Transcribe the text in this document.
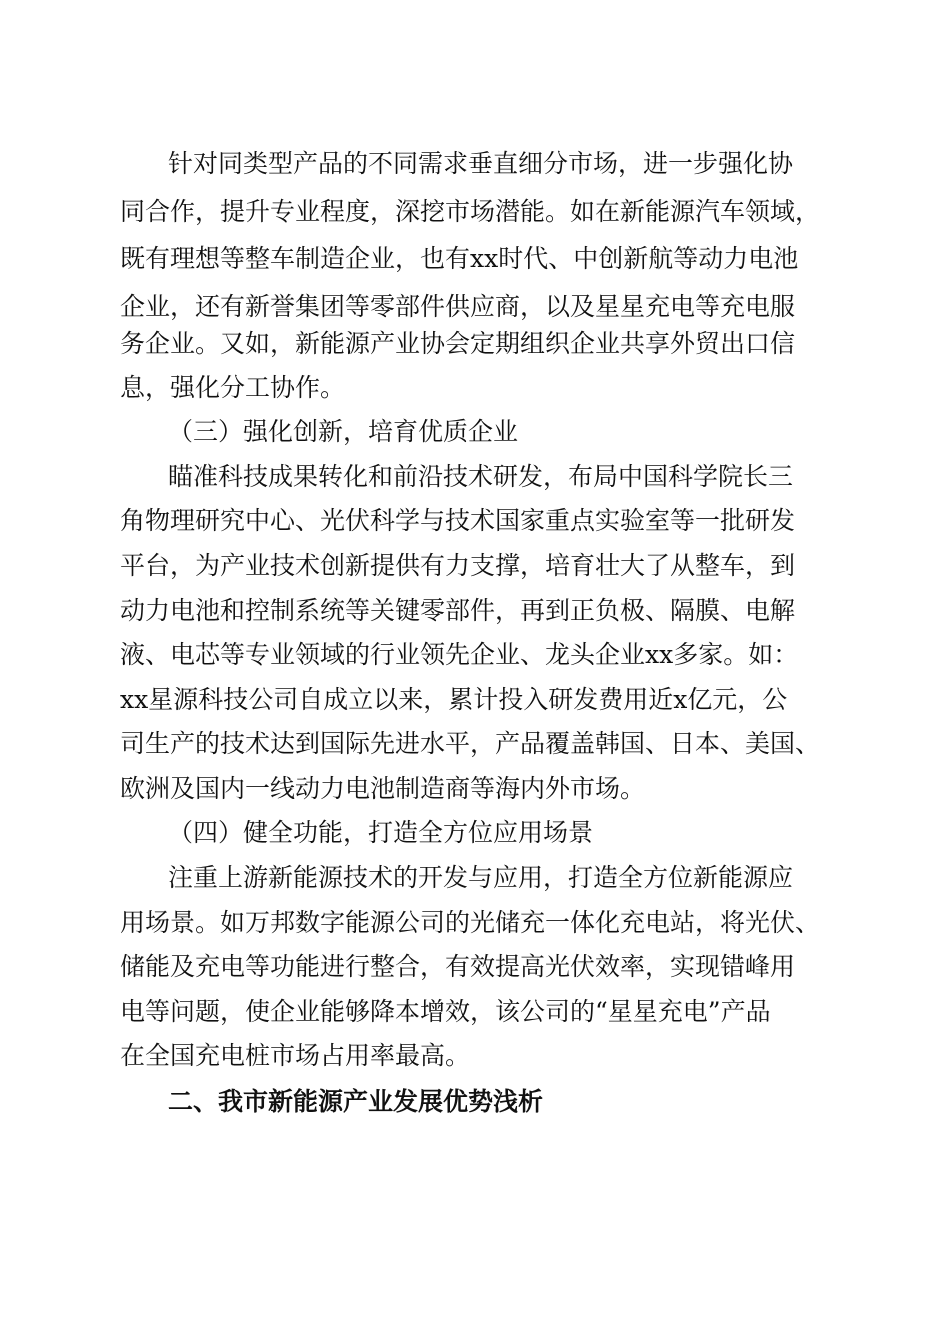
针对同类型产品的不同需求垂直细分市场，进一步强化协
同合作，提升专业程度，深挖市场潜能。如在新能源汽车领域，
既有理想等整车制造企业，也有xx时代、中创新航等动力电池
企业，还有新誉集团等零部件供应商，以及星星充电等充电服
务企业。又如，新能源产业协会定期组织企业共享外贸出口信
息，强化分工协作。
（三）强化创新，培育优质企业
瞄准科技成果转化和前沿技术研发，布局中国科学院长三
角物理研究中心、光伏科学与技术国家重点实验室等一批研发
平台，为产业技术创新提供有力支撑，培育壮大了从整车，到
动力电池和控制系统等关键零部件，再到正负极、隔膜、电解
液、电芯等专业领域的行业领先企业、龙头企业xx多家。如：
xx星源科技公司自成立以来，累计投入研发费用近x亿元，公
司生产的技术达到国际先进水平，产品覆盖韩国、日本、美国、
欧洲及国内一线动力电池制造商等海内外市场。
（四）健全功能，打造全方位应用场景
注重上游新能源技术的开发与应用，打造全方位新能源应
用场景。如万邦数字能源公司的光储充一体化充电站，将光伏、
储能及充电等功能进行整合，有效提高光伏效率，实现错峰用
电等问题，使企业能够降本增效，该公司的“星星充电”产品
在全国充电桩市场占用率最高。
二、我市新能源产业发展优势浅析
